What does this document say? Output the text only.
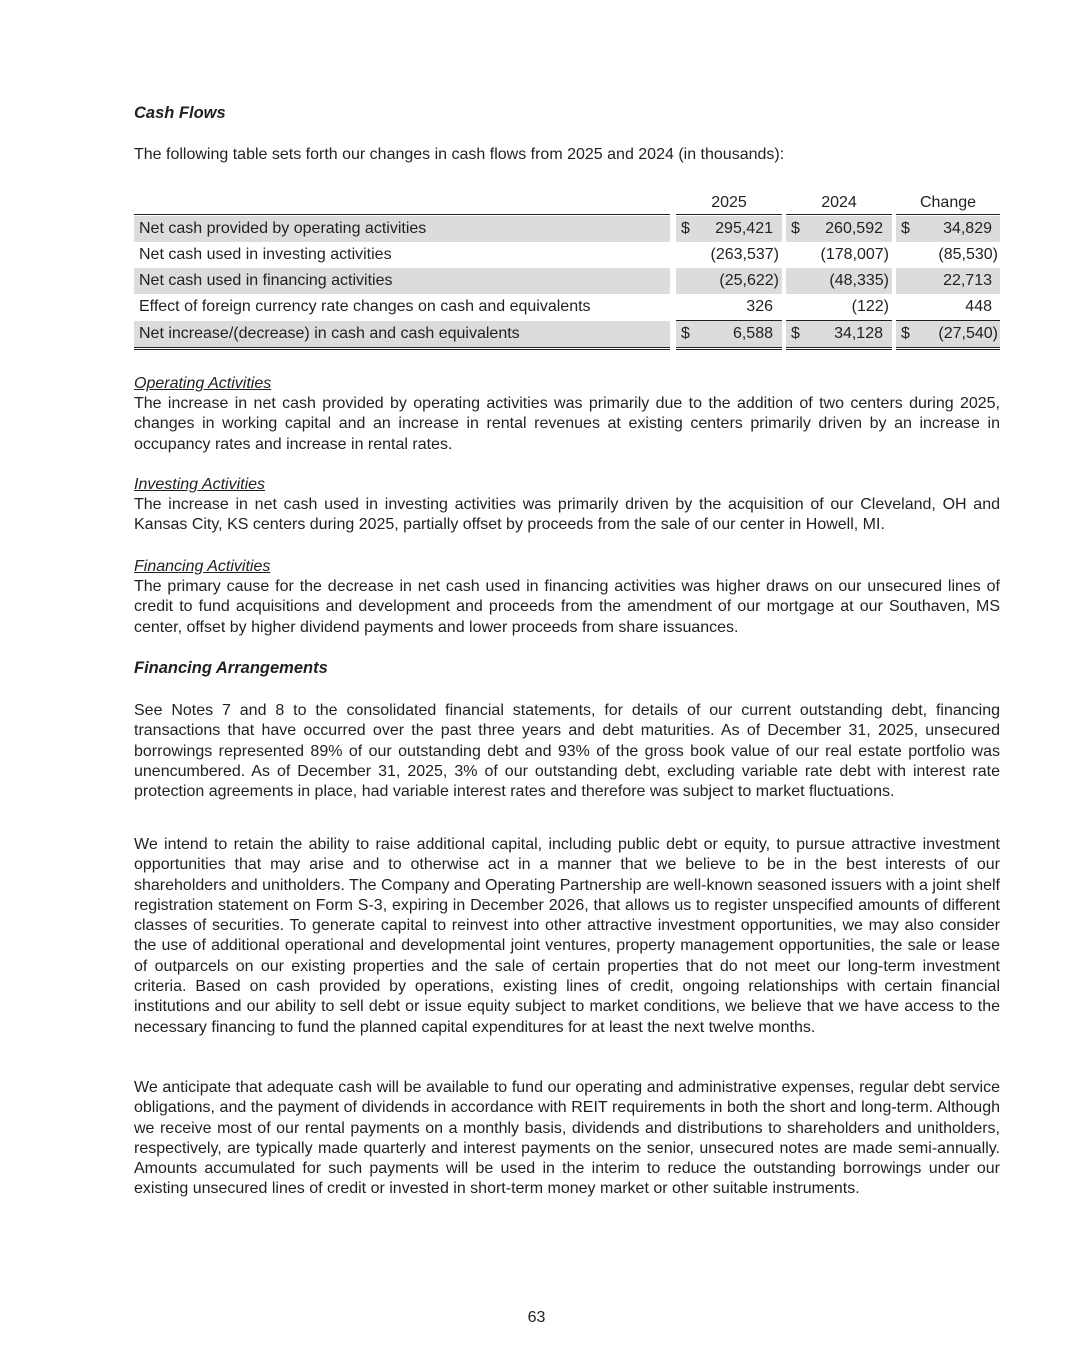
Cash Flows

The following table sets forth our changes in cash flows from 2025 and 2024 (in thousands):

2025	2024	Change
Net cash provided by operating activities	$ 295,421 $ 260,592 $ 34,829
Net cash used in investing activities	(263,537)	(178,007)	(85,530)
Net cash used in financing activities	(25,622)	(48,335)	22,713
Effect of foreign currency rate changes on cash and equivalents	326	(122)	448
Net increase/(decrease) in cash and cash equivalents	$	6,588 $ 34,128 $ (27,540)

Operating Activities

The increase in net cash provided by operating activities was primarily due to the addition of two centers during 2025, changes in working capital and an increase in rental revenues at existing centers primarily driven by an increase in occupancy rates and increase in rental rates.

Investing Activities

The increase in net cash used in investing activities was primarily driven by the acquisition of our Cleveland, OH and Kansas City, KS centers during 2025, partially offset by proceeds from the sale of our center in Howell, MI.

Financing Activities

The primary cause for the decrease in net cash used in financing activities was higher draws on our unsecured lines of credit to fund acquisitions and development and proceeds from the amendment of our mortgage at our Southaven, MS center, offset by higher dividend payments and lower proceeds from share issuances.

Financing Arrangements

See Notes 7 and 8 to the consolidated financial statements, for details of our current outstanding debt, financing transactions that have occurred over the past three years and debt maturities. As of December 31, 2025, unsecured borrowings represented 89% of our outstanding debt and 93% of the gross book value of our real estate portfolio was unencumbered. As of December 31, 2025, 3% of our outstanding debt, excluding variable rate debt with interest rate protection agreements in place, had variable interest rates and therefore was subject to market fluctuations.

We intend to retain the ability to raise additional capital, including public debt or equity, to pursue attractive investment opportunities that may arise and to otherwise act in a manner that we believe to be in the best interests of our shareholders and unitholders. The Company and Operating Partnership are well-known seasoned issuers with a joint shelf registration statement on Form S-3, expiring in December 2026, that allows us to register unspecified amounts of different classes of securities. To generate capital to reinvest into other attractive investment opportunities, we may also consider the use of additional operational and developmental joint ventures, property management opportunities, the sale or lease of outparcels on our existing properties and the sale of certain properties that do not meet our long-term investment criteria. Based on cash provided by operations, existing lines of credit, ongoing relationships with certain financial institutions and our ability to sell debt or issue equity subject to market conditions, we believe that we have access to the necessary financing to fund the planned capital expenditures for at least the next twelve months.

We anticipate that adequate cash will be available to fund our operating and administrative expenses, regular debt service obligations, and the payment of dividends in accordance with REIT requirements in both the short and long-term. Although we receive most of our rental payments on a monthly basis, dividends and distributions to shareholders and unitholders, respectively, are typically made quarterly and interest payments on the senior, unsecured notes are made semi-annually. Amounts accumulated for such payments will be used in the interim to reduce the outstanding borrowings under our existing unsecured lines of credit or invested in short-term money market or other suitable instruments.

63
